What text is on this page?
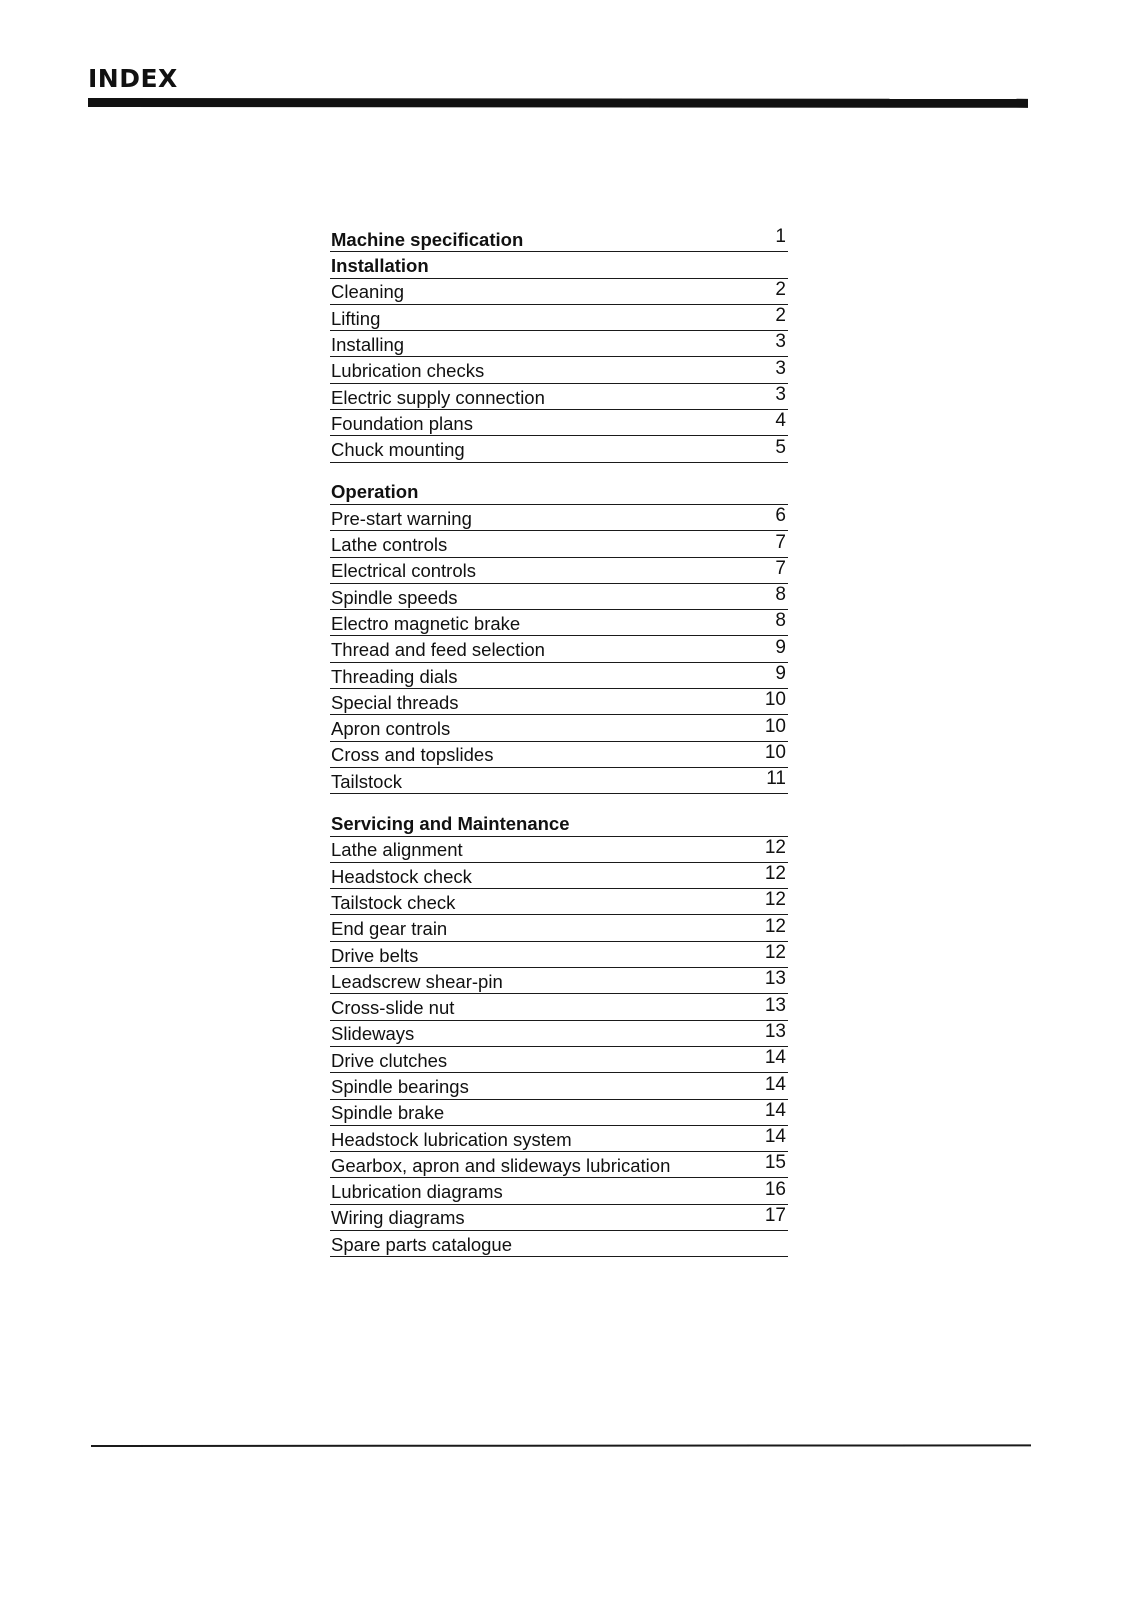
INDEX
Machine specification	1
Installation
Cleaning	2
Lifting	2
Installing	3
Lubrication checks	3
Electric supply connection	3
Foundation plans	4
Chuck mounting	5
Operation
Pre-start warning	6
Lathe controls	7
Electrical controls	7
Spindle speeds	8
Electro magnetic brake	8
Thread and feed selection	9
Threading dials	9
Special threads	10
Apron controls	10
Cross and topslides	10
Tailstock	11
Servicing and Maintenance
Lathe alignment	12
Headstock check	12
Tailstock check	12
End gear train	12
Drive belts	12
Leadscrew shear-pin	13
Cross-slide nut	13
Slideways	13
Drive clutches	14
Spindle bearings	14
Spindle brake	14
Headstock lubrication system	14
Gearbox, apron and slideways lubrication	15
Lubrication diagrams	16
Wiring diagrams	17
Spare parts catalogue
